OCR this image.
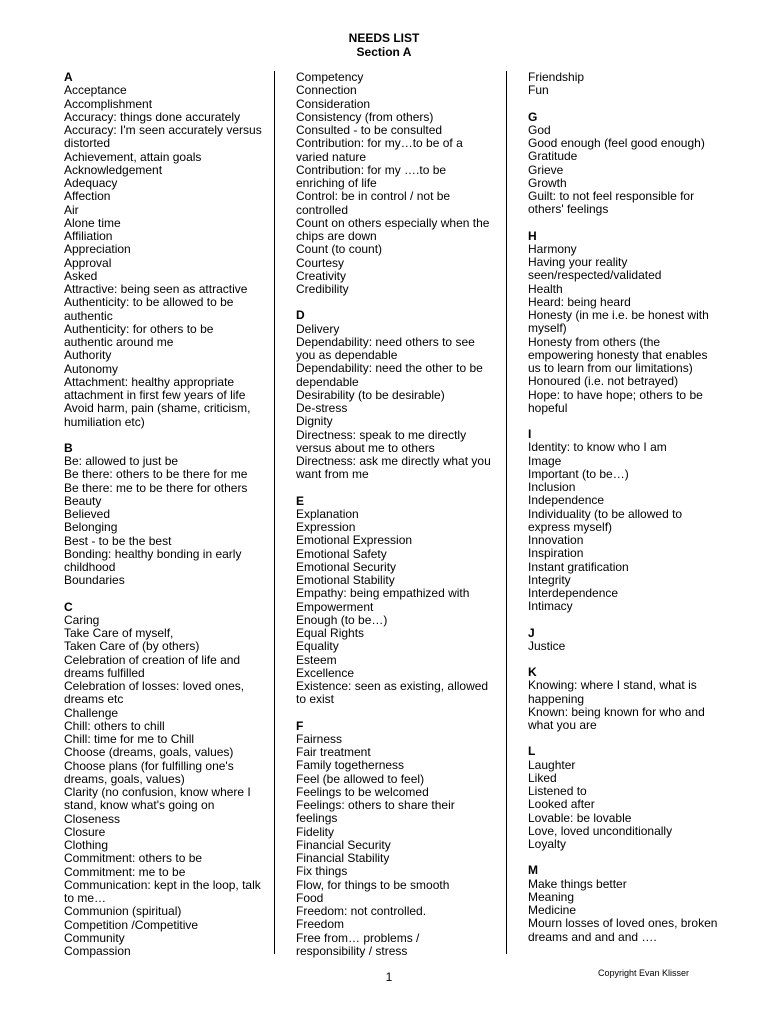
NEEDS LIST
Section A
A
Acceptance
Accomplishment
Accuracy: things done accurately
Accuracy: I'm seen accurately versus distorted
Achievement, attain goals
Acknowledgement
Adequacy
Affection
Air
Alone time
Affiliation
Appreciation
Approval
Asked
Attractive: being seen as attractive
Authenticity: to be allowed to be authentic
Authenticity: for others to be authentic around me
Authority
Autonomy
Attachment: healthy appropriate attachment in first few years of life
Avoid harm, pain (shame, criticism, humiliation etc)
B
Be: allowed to just be
Be there: others to be there for me
Be there: me to be there for others
Beauty
Believed
Belonging
Best - to be the best
Bonding: healthy bonding in early childhood
Boundaries
C
Caring
Take Care of myself,
Taken Care of (by others)
Celebration of creation of life and dreams fulfilled
Celebration of losses: loved ones, dreams etc
Challenge
Chill: others to chill
Chill: time for me to Chill
Choose (dreams, goals, values)
Choose plans (for fulfilling one's dreams, goals, values)
Clarity (no confusion, know where I stand, know what's going on
Closeness
Closure
Clothing
Commitment: others to be
Commitment: me to be
Communication: kept in the loop, talk to me…
Communion (spiritual)
Competition /Competitive
Community
Compassion
Competency
Connection
Consideration
Consistency (from others)
Consulted - to be consulted
Contribution: for my…to be of a varied nature
Contribution: for my ….to be enriching of life
Control: be in control / not be controlled
Count on others especially when the chips are down
Count (to count)
Courtesy
Creativity
Credibility
D
Delivery
Dependability: need others to see you as dependable
Dependability: need the other to be dependable
Desirability (to be desirable)
De-stress
Dignity
Directness: speak to me directly versus about me to others
Directness: ask me directly what you want from me
E
Explanation
Expression
Emotional Expression
Emotional Safety
Emotional Security
Emotional Stability
Empathy: being empathized with
Empowerment
Enough (to be…)
Equal Rights
Equality
Esteem
Excellence
Existence: seen as existing, allowed to exist
F
Fairness
Fair treatment
Family togetherness
Feel (be allowed to feel)
Feelings to be welcomed
Feelings: others to share their feelings
Fidelity
Financial Security
Financial Stability
Fix things
Flow, for things to be smooth
Food
Freedom: not controlled.
Freedom
Free from… problems / responsibility / stress
Friendship
Fun
G
God
Good enough (feel good enough)
Gratitude
Grieve
Growth
Guilt: to not feel responsible for others' feelings
H
Harmony
Having your reality seen/respected/validated
Health
Heard: being heard
Honesty (in me i.e. be honest with myself)
Honesty from others (the empowering honesty that enables us to learn from our limitations)
Honoured (i.e. not betrayed)
Hope: to have hope; others to be hopeful
I
Identity: to know who I am
Image
Important (to be…)
Inclusion
Independence
Individuality (to be allowed to express myself)
Innovation
Inspiration
Instant gratification
Integrity
Interdependence
Intimacy
J
Justice
K
Knowing: where I stand, what is happening
Known: being known for who and what you are
L
Laughter
Liked
Listened to
Looked after
Lovable: be lovable
Love, loved unconditionally
Loyalty
M
Make things better
Meaning
Medicine
Mourn losses of loved ones, broken dreams and and and ….
1	Copyright Evan Klisser
